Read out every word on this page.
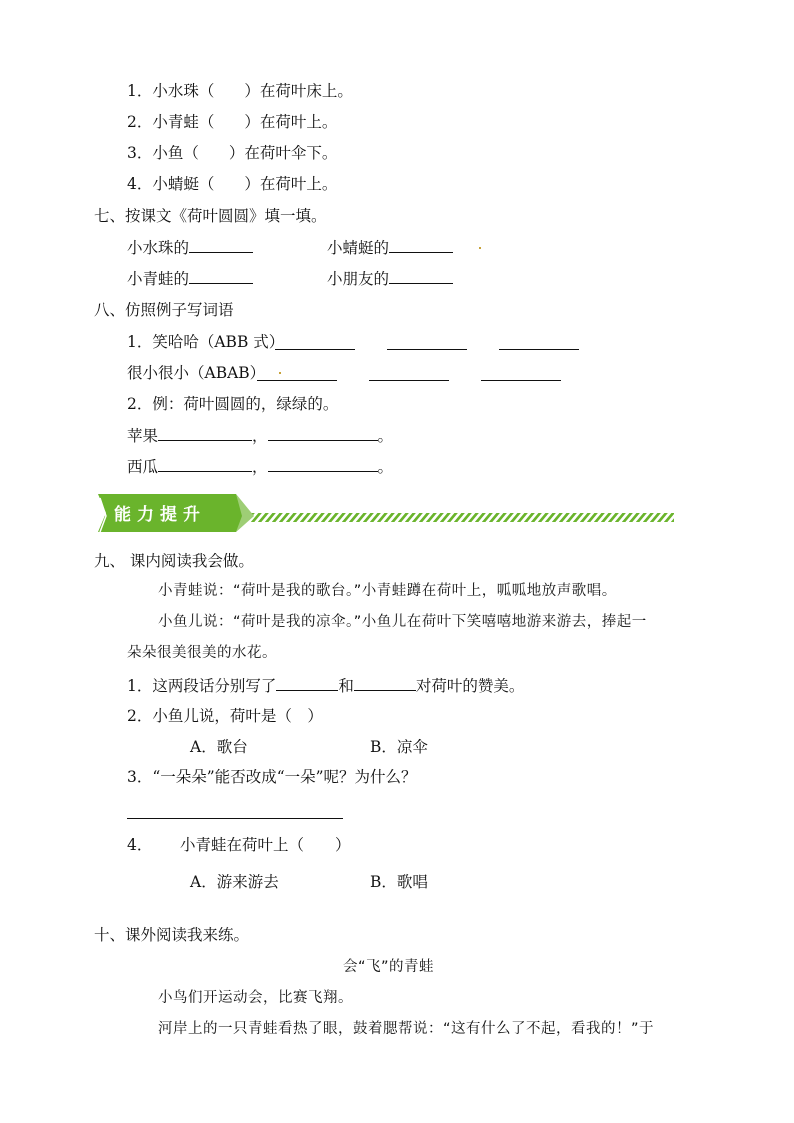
1．小水珠（ ）在荷叶床上。
2．小青蛙（ ）在荷叶上。
3．小鱼（ ）在荷叶伞下。
4．小蜻蜓（ ）在荷叶上。
七、按课文《荷叶圆圆》填一填。
小水珠的	小蜻蜓的
小青蛙的	小朋友的
八、仿照例子写词语
1．笑哈哈（ABB 式）
很小很小（ABAB）
2．例：荷叶圆圆的，绿绿的。
苹果	，	。
西瓜	，	。
能力提升
九、 课内阅读我会做。
小青蛙说：“荷叶是我的歌台。”小青蛙蹲在荷叶上，呱呱地放声歌唱。
小鱼儿说：“荷叶是我的凉伞。”小鱼儿在荷叶下笑嘻嘻地游来游去，捧起一
朵朵很美很美的水花。
1．这两段话分别写了	和	对荷叶的赞美。
2．小鱼儿说，荷叶是（　）
A．歌台	B．凉伞
3．“一朵朵”能否改成“一朵”呢？为什么？
4． 小青蛙在荷叶上（　　）
A．游来游去	B．歌唱
十、课外阅读我来练。
会“飞”的青蛙
小鸟们开运动会，比赛飞翔。
河岸上的一只青蛙看热了眼，鼓着腮帮说：“这有什么了不起，看我的！”于
